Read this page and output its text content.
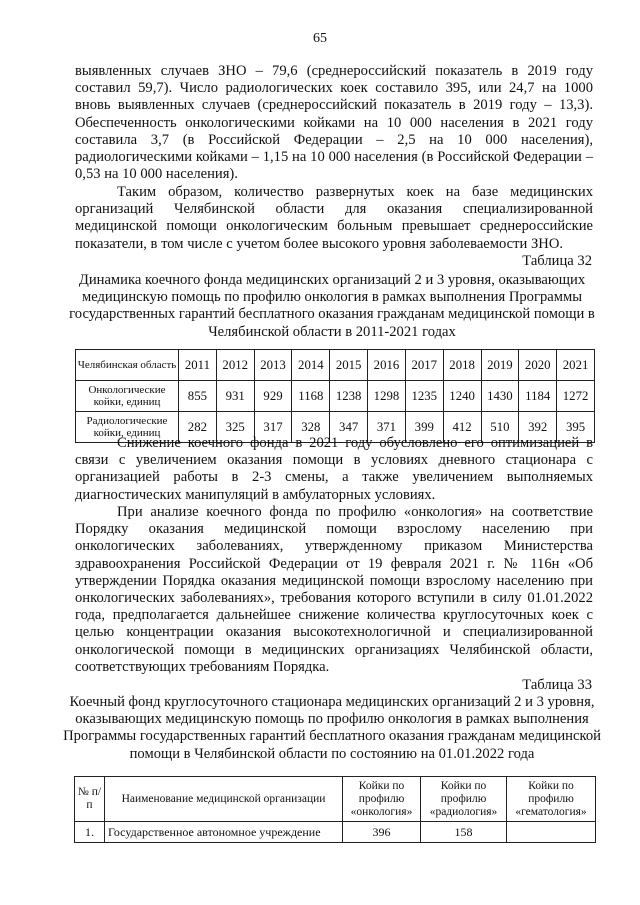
65

выявленных случаев ЗНО – 79,6 (среднероссийский показатель в 2019 году составил 59,7). Число радиологических коек составило 395, или 24,7 на 1000 вновь выявленных случаев (среднероссийский показатель в 2019 году – 13,3). Обеспеченность онкологическими койками на 10 000 населения в 2021 году составила 3,7 (в Российской Федерации – 2,5 на 10 000 населения), радиологическими койками – 1,15 на 10 000 населения (в Российской Федерации – 0,53 на 10 000 населения).

Таким образом, количество развернутых коек на базе медицинских организаций Челябинской области для оказания специализированной медицинской помощи онкологическим больным превышает среднероссийские показатели, в том числе с учетом более высокого уровня заболеваемости ЗНО.

Таблица 32

Динамика коечного фонда медицинских организаций 2 и 3 уровня, оказывающих медицинскую помощь по профилю онкология в рамках выполнения Программы государственных гарантий бесплатного оказания гражданам медицинской помощи в Челябинской области в 2011-2021 годах

Челябинская область	2011	2012	2013	2014	2015	2016	2017	2018	2019	2020	2021
Онкологические койки, единиц	855	931	929	1168	1238	1298	1235	1240	1430	1184	1272
Радиологические койки, единиц	282	325	317	328	347	371	399	412	510	392	395

Снижение коечного фонда в 2021 году обусловлено его оптимизацией в связи с увеличением оказания помощи в условиях дневного стационара с организацией работы в 2-3 смены, а также увеличением выполняемых диагностических манипуляций в амбулаторных условиях.

При анализе коечного фонда по профилю «онкология» на соответствие Порядку оказания медицинской помощи взрослому населению при онкологических заболеваниях, утвержденному приказом Министерства здравоохранения Российской Федерации от 19 февраля 2021 г. № 116н «Об утверждении Порядка оказания медицинской помощи взрослому населению при онкологических заболеваниях», требования которого вступили в силу 01.01.2022 года, предполагается дальнейшее снижение количества круглосуточных коек с целью концентрации оказания высокотехнологичной и специализированной онкологической помощи в медицинских организациях Челябинской области, соответствующих требованиям Порядка.

Таблица 33

Коечный фонд круглосуточного стационара медицинских организаций 2 и 3 уровня, оказывающих медицинскую помощь по профилю онкология в рамках выполнения Программы государственных гарантий бесплатного оказания гражданам медицинской помощи в Челябинской области по состоянию на 01.01.2022 года

№ п/п	Наименование медицинской организации	Койки по профилю «онкология»	Койки по профилю «радиология»	Койки по профилю «гематология»
1.	Государственное автономное учреждение	396	158	
